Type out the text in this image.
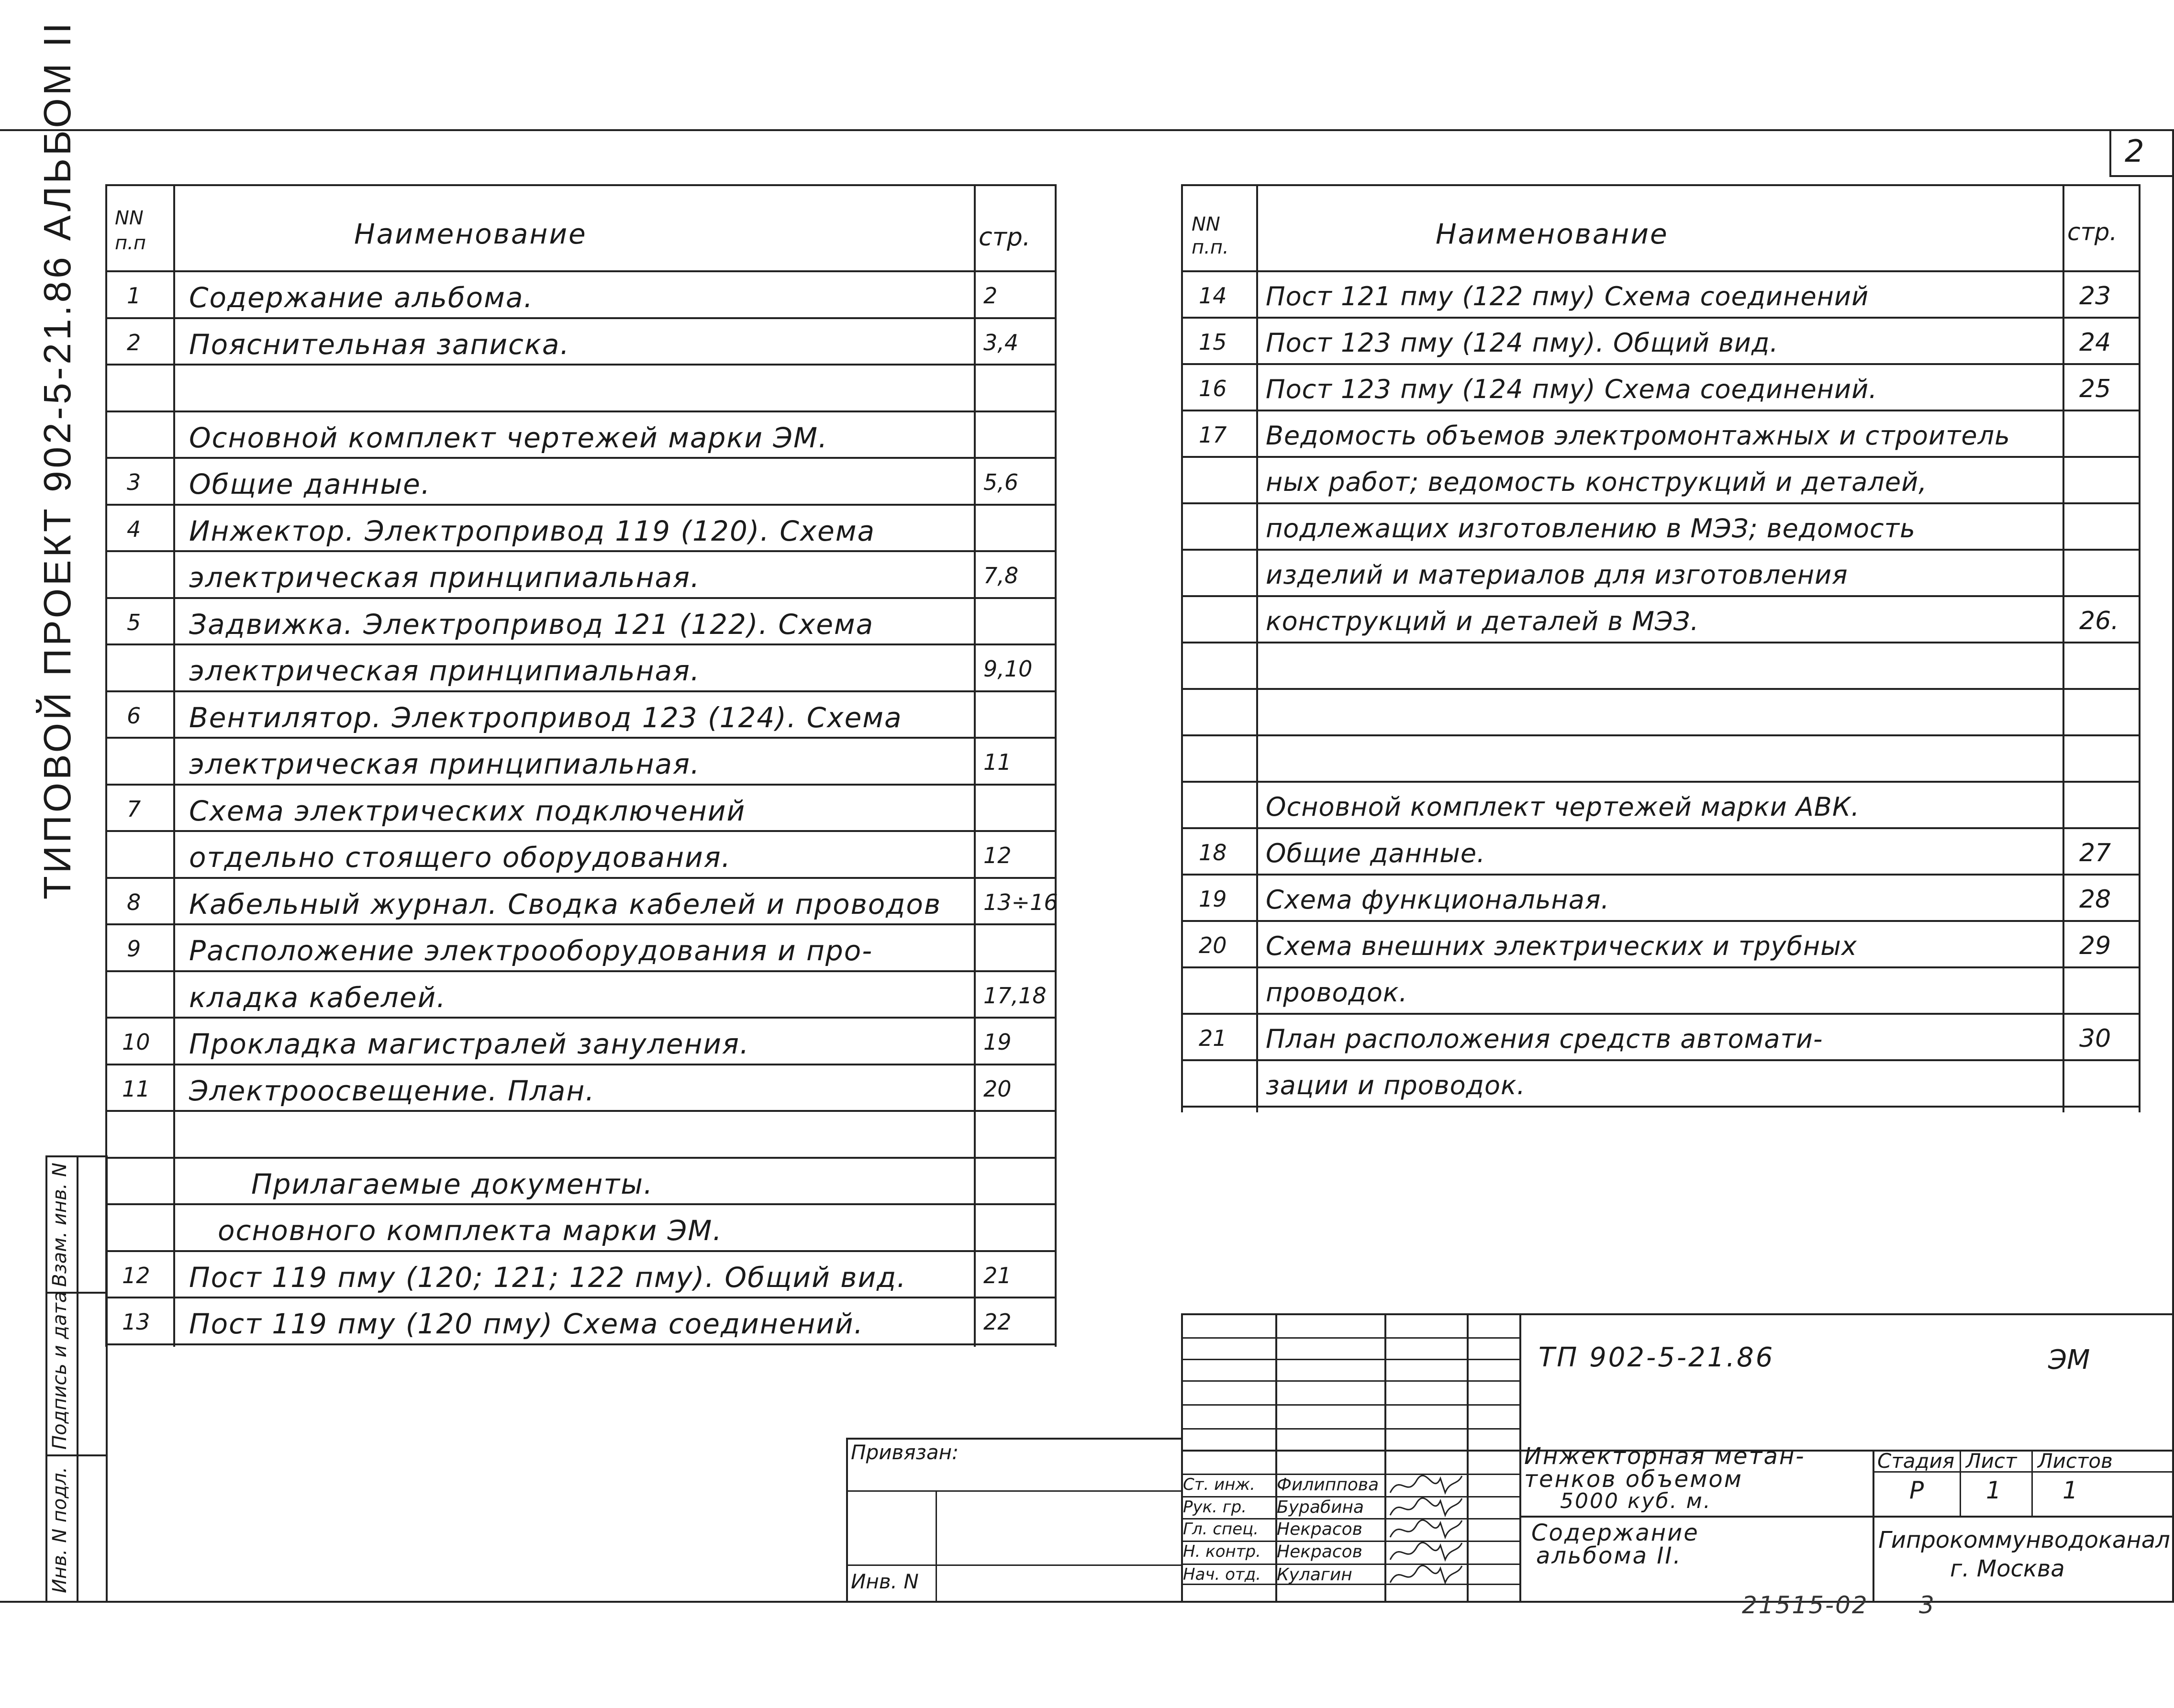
2
ТИПОВОЙ ПРОЕКТ 902-5-21.86 АЛЬБОМ II
Взам. инв. N
Подпись и дата
Инв. N подл.
NN
п.п	Наименование	стр.
1 Содержание альбома.	2
2 Пояснительная записка.	3,4
Основной комплект чертежей марки ЭМ.
3 Общие данные.	5,6
4 Инжектор. Электропривод 119 (120). Схема
электрическая принципиальная.	7,8
5 Задвижка. Электропривод 121 (122). Схема
электрическая принципиальная.	9,10
6 Вентилятор. Электропривод 123 (124). Схема
электрическая принципиальная.	11
7 Схема электрических подключений
отдельно стоящего оборудования.	12
8 Кабельный журнал. Сводка кабелей и проводов 13÷16
9 Расположение электрооборудования и про-
кладка кабелей.	17,18
10 Прокладка магистралей зануления.	19
11 Электроосвещение. План.	20
Прилагаемые документы.
основного комплекта марки ЭМ.
12 Пост 119 пму (120; 121; 122 пму). Общий вид.	21
13 Пост 119 пму (120 пму) Схема соединений.	22
NN
п.п.	Наименование	стр.
14 Пост 121 пму (122 пму) Схема соединений	23
15 Пост 123 пму (124 пму). Общий вид.	24
16 Пост 123 пму (124 пму) Схема соединений.	25
17 Ведомость объемов электромонтажных и строитель
ных работ; ведомость конструкций и деталей,
подлежащих изготовлению в МЭЗ; ведомость
изделий и материалов для изготовления
конструкций и деталей в МЭЗ.	26.
Основной комплект чертежей марки АВК.
18 Общие данные.	27
19 Схема функциональная.	28
20 Схема внешних электрических и трубных	29
проводок.
21 План расположения средств автомати-	30
зации и проводок.
Привязан:
Инв. N
Ст. инж. Филиппова
Рук. гр. Бурабина
Гл. спец. Некрасов
Н. контр. Некрасов
Нач. отд. Кулагин
ТП 902-5-21.86	ЭМ
Инжекторная метан-
тенков объемом
5000 куб. м.
Содержание
альбома II.
Стадия Лист Листов
Р	1	1
Гипрокоммунводоканал
г. Москва
21515-02 3
